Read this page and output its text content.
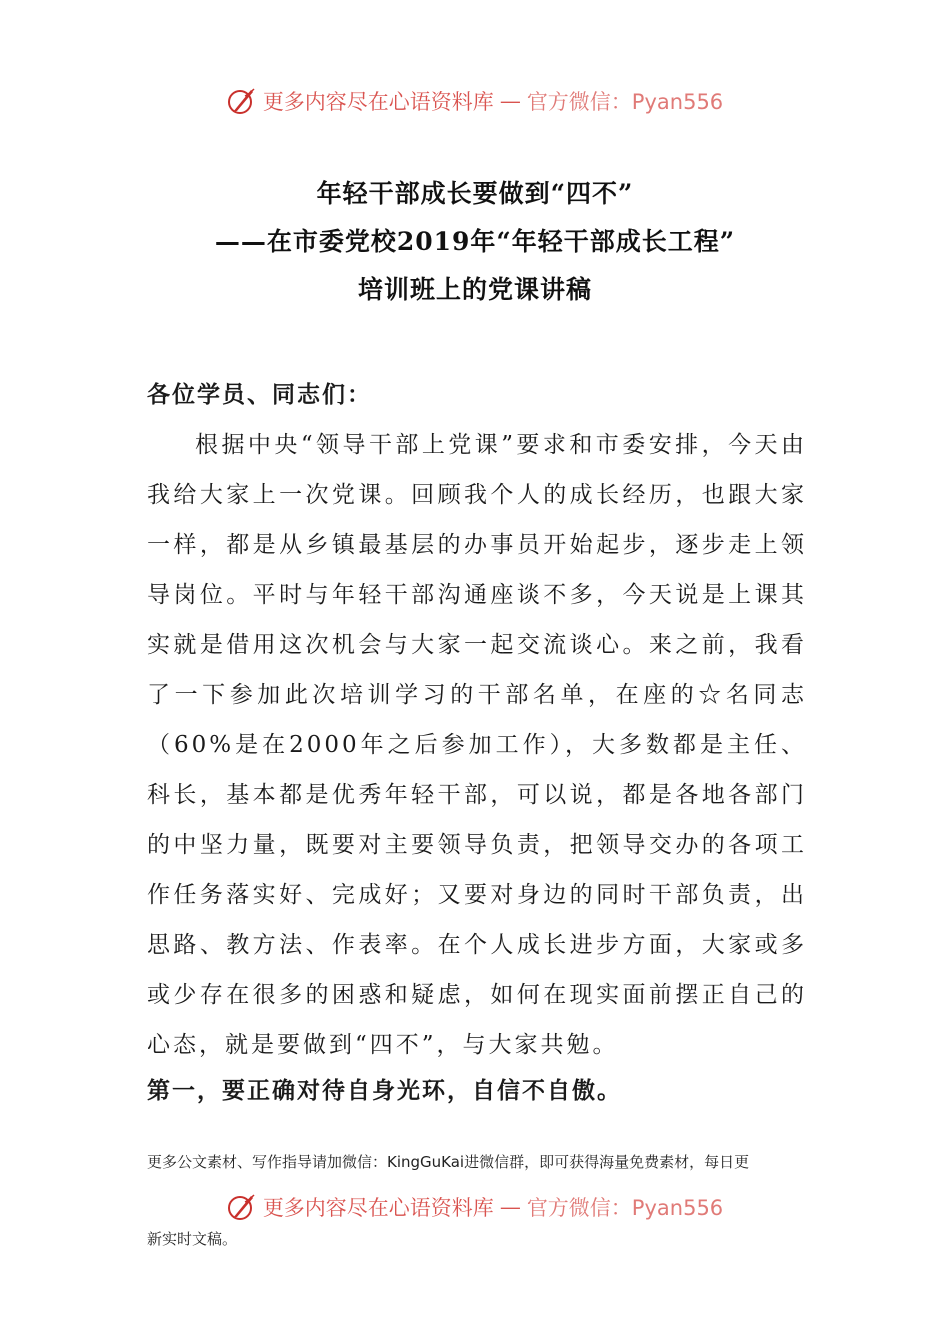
更多内容尽在心语资料库 — 官方微信：Pyan556
年轻干部成长要做到“四不”
——在市委党校2019年“年轻干部成长工程”
培训班上的党课讲稿
各位学员、同志们：

根据中央“领导干部上党课”要求和市委安排，今天由我给大家上一次党课。回顾我个人的成长经历，也跟大家一样，都是从乡镇最基层的办事员开始起步，逐步走上领导岗位。平时与年轻干部沟通座谈不多，今天说是上课其实就是借用这次机会与大家一起交流谈心。来之前，我看了一下参加此次培训学习的干部名单，在座的☆名同志（60%是在2000年之后参加工作），大多数都是主任、科长，基本都是优秀年轻干部，可以说，都是各地各部门的中坚力量，既要对主要领导负责，把领导交办的各项工作任务落实好、完成好；又要对身边的同时干部负责，出思路、教方法、作表率。在个人成长进步方面，大家或多或少存在很多的困惑和疑虑，如何在现实面前摆正自己的心态，就是要做到“四不”，与大家共勉。

第一，要正确对待自身光环，自信不自傲。
更多公文素材、写作指导请加微信：KingGuKai进微信群，即可获得海量免费素材，每日更
更多内容尽在心语资料库 — 官方微信：Pyan556
新实时文稿。
